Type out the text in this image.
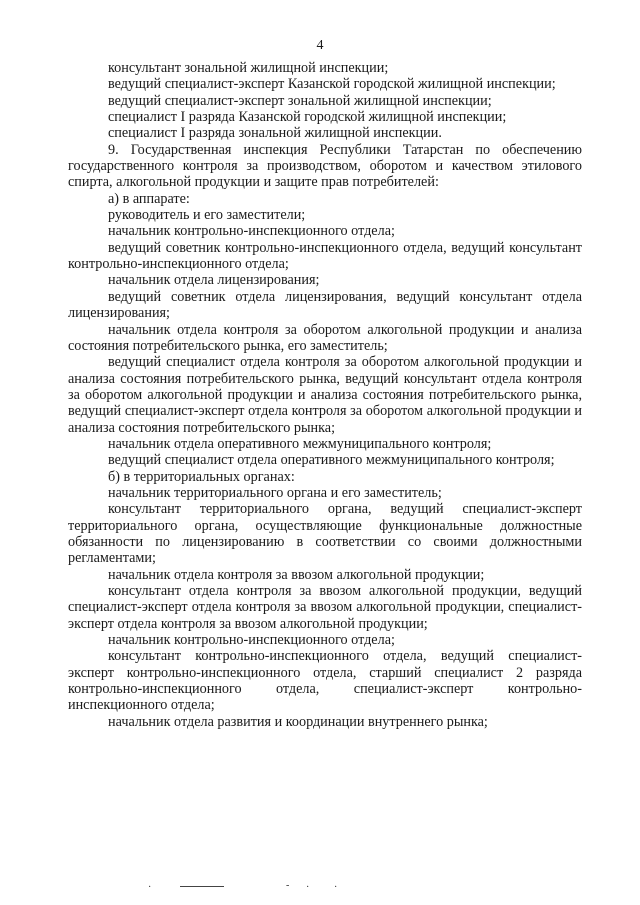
4

консультант зональной жилищной инспекции;

ведущий специалист-эксперт Казанской городской жилищной инспекции;

ведущий специалист-эксперт зональной жилищной инспекции;

специалист I разряда Казанской городской жилищной инспекции;

специалист I разряда зональной жилищной инспекции.

9. Государственная инспекция Республики Татарстан по обеспечению государственного контроля за производством, оборотом и качеством этилового спирта, алкогольной продукции и защите прав потребителей:

а) в аппарате:

руководитель и его заместители;

начальник контрольно-инспекционного отдела;

ведущий советник контрольно-инспекционного отдела, ведущий консультант контрольно-инспекционного отдела;

начальник отдела лицензирования;

ведущий советник отдела лицензирования, ведущий консультант отдела лицензирования;

начальник отдела контроля за оборотом алкогольной продукции и анализа состояния потребительского рынка, его заместитель;

ведущий специалист отдела контроля за оборотом алкогольной продукции и анализа состояния потребительского рынка, ведущий консультант отдела контроля за оборотом алкогольной продукции и анализа состояния потребительского рынка, ведущий специалист-эксперт отдела контроля за оборотом алкогольной продукции и анализа состояния потребительского рынка;

начальник отдела оперативного межмуниципального контроля;

ведущий специалист отдела оперативного межмуниципального контроля;

б) в территориальных органах:

начальник территориального органа и его заместитель;

консультант территориального органа, ведущий специалист-эксперт территориального органа, осуществляющие функциональные должностные обязанности по лицензированию в соответствии со своими должностными регламентами;

начальник отдела контроля за ввозом алкогольной продукции;

консультант отдела контроля за ввозом алкогольной продукции, ведущий специалист-эксперт отдела контроля за ввозом алкогольной продукции, специалист-эксперт отдела контроля за ввозом алкогольной продукции;

начальник контрольно-инспекционного отдела;

консультант контрольно-инспекционного отдела, ведущий специалист-эксперт контрольно-инспекционного отдела, старший специалист 2 разряда контрольно-инспекционного отдела, специалист-эксперт контрольно-инспекционного отдела;

начальник отдела развития и координации внутреннего рынка;

·	- · ·
